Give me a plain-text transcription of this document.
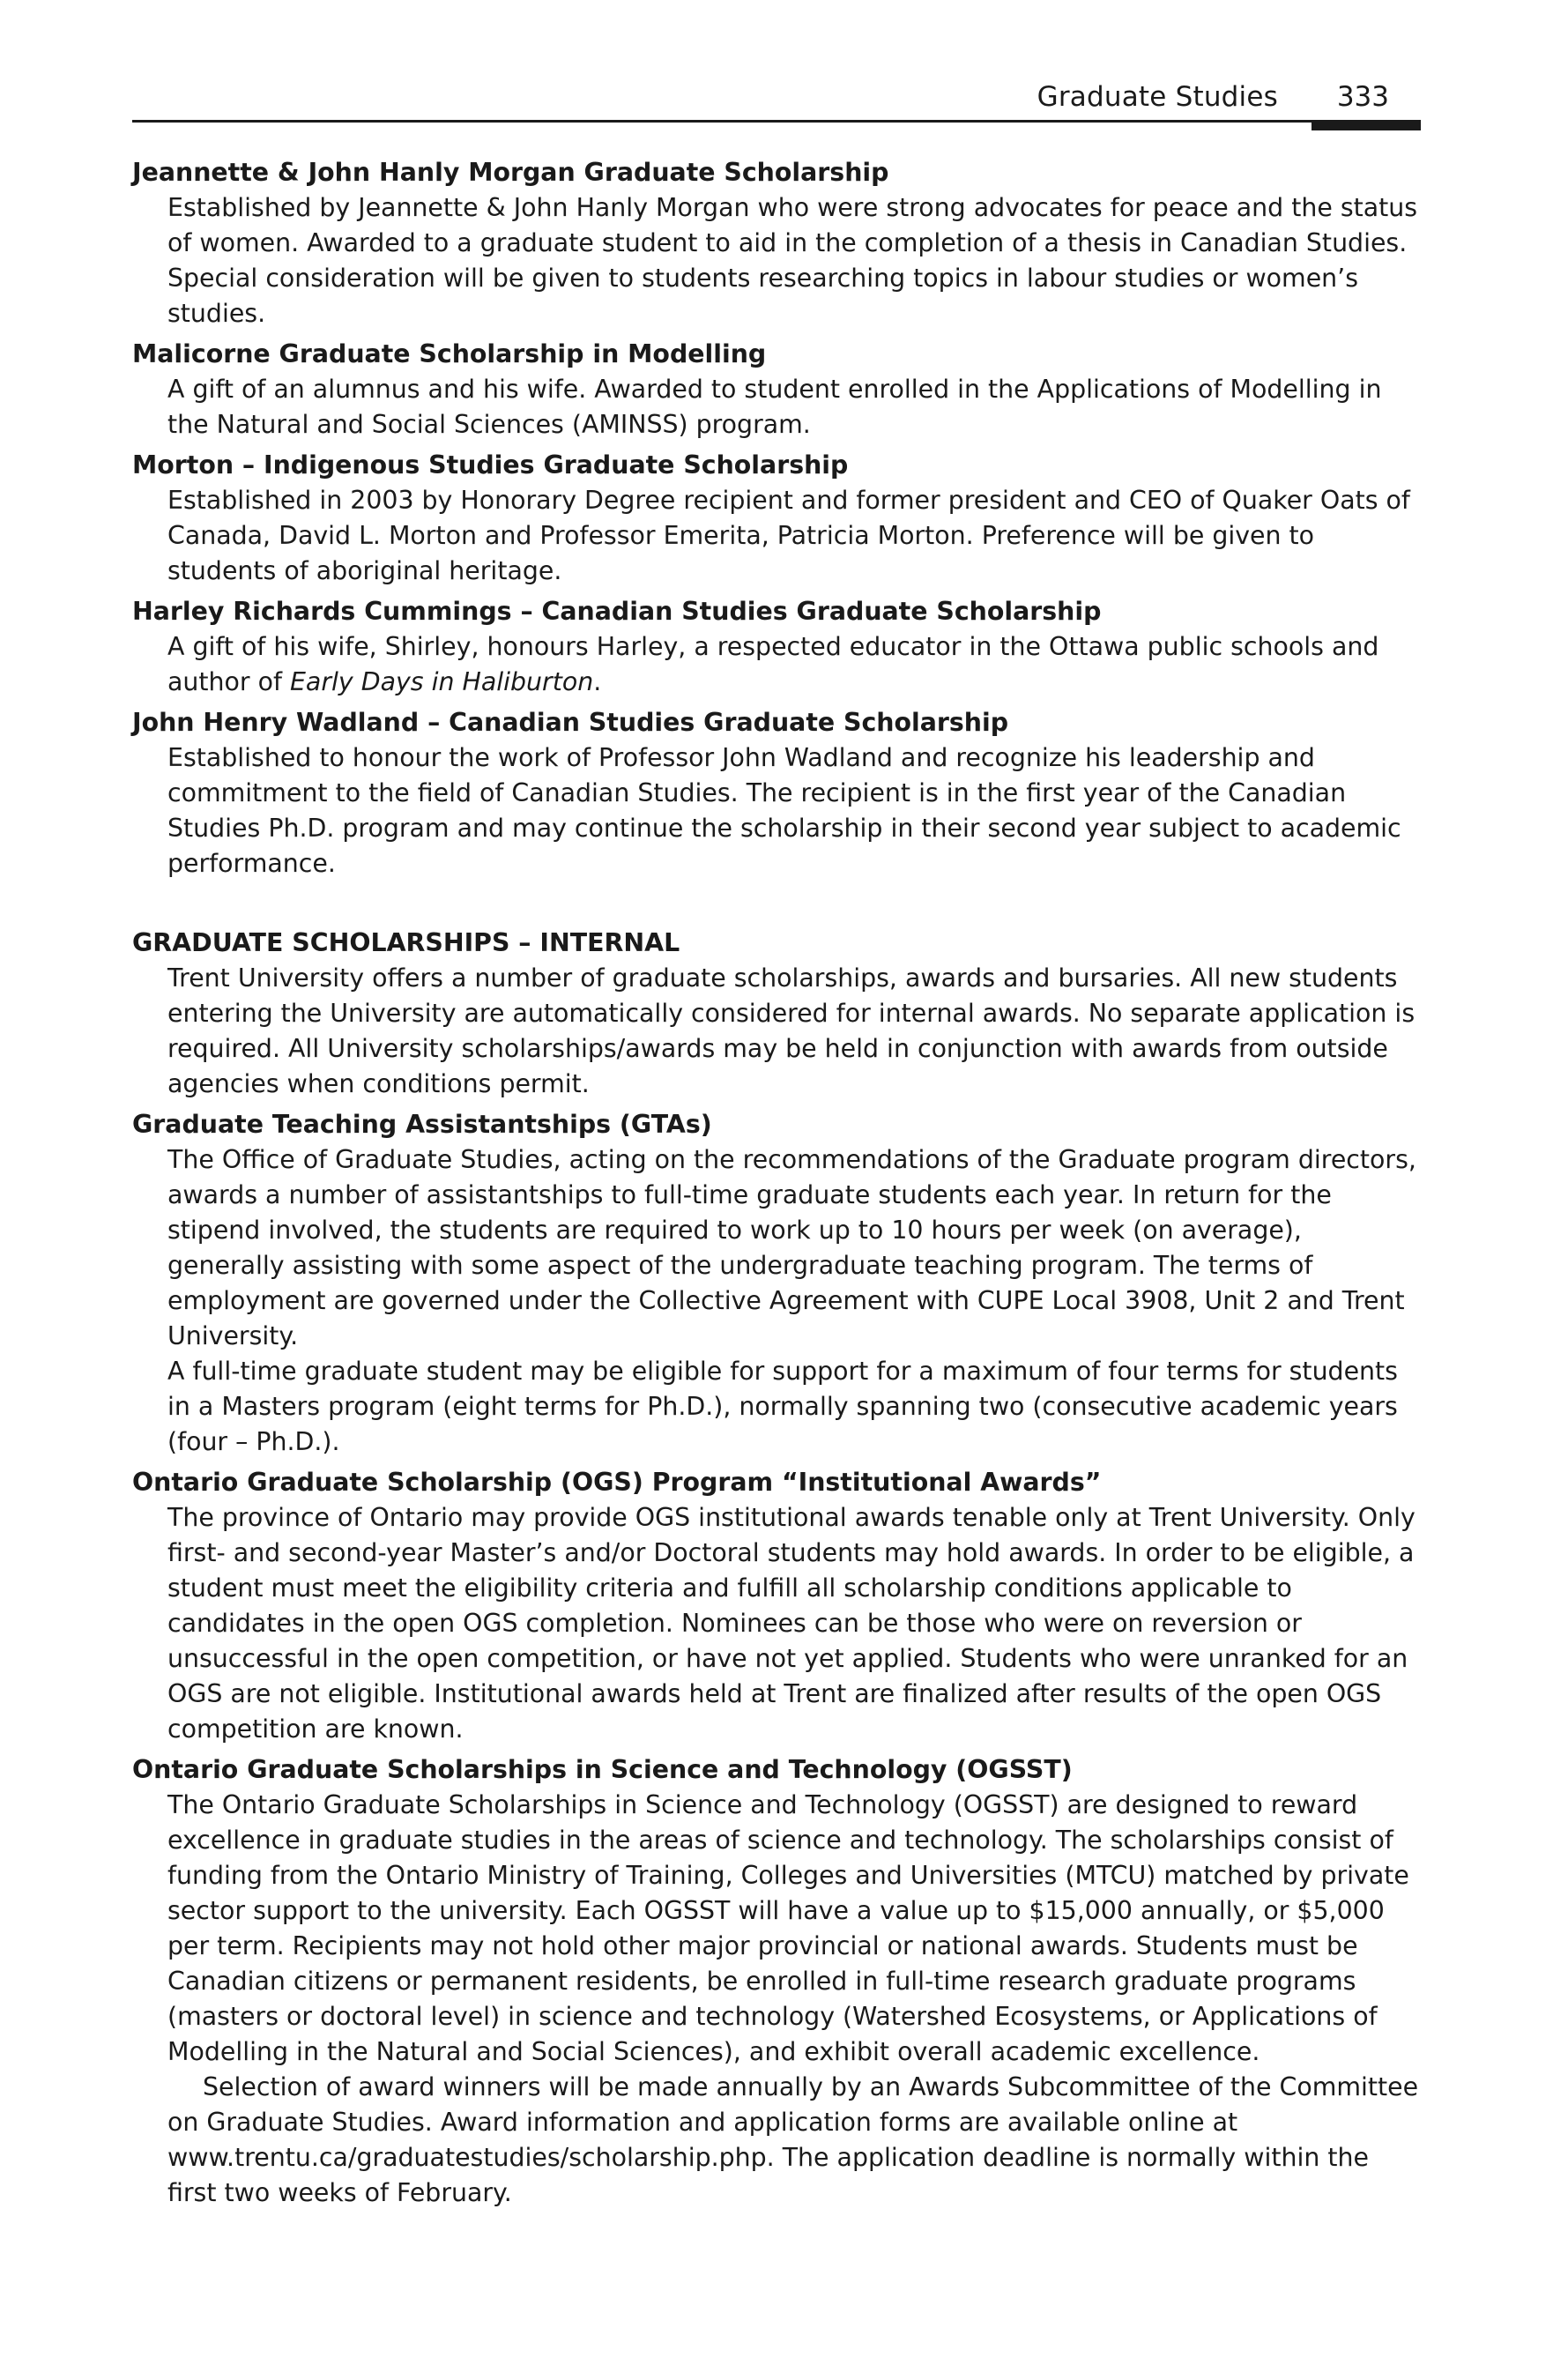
Graduate Studies 333

Jeannette & John Hanly Morgan Graduate Scholarship

Established by Jeannette & John Hanly Morgan who were strong advocates for peace and the status of women. Awarded to a graduate student to aid in the completion of a thesis in Canadian Studies. Special consideration will be given to students researching topics in labour studies or women’s studies.

Malicorne Graduate Scholarship in Modelling

A gift of an alumnus and his wife. Awarded to student enrolled in the Applications of Modelling in the Natural and Social Sciences (AMINSS) program.

Morton – Indigenous Studies Graduate Scholarship

Established in 2003 by Honorary Degree recipient and former president and CEO of Quaker Oats of Canada, David L. Morton and Professor Emerita, Patricia Morton. Preference will be given to students of aboriginal heritage.

Harley Richards Cummings – Canadian Studies Graduate Scholarship

A gift of his wife, Shirley, honours Harley, a respected educator in the Ottawa public schools and author of Early Days in Haliburton.

John Henry Wadland – Canadian Studies Graduate Scholarship

Established to honour the work of Professor John Wadland and recognize his leadership and commitment to the field of Canadian Studies. The recipient is in the first year of the Canadian Studies Ph.D. program and may continue the scholarship in their second year subject to academic performance.

GRADUATE SCHOLARSHIPS – INTERNAL

Trent University offers a number of graduate scholarships, awards and bursaries. All new students entering the University are automatically considered for internal awards. No separate application is required. All University scholarships/awards may be held in conjunction with awards from outside agencies when conditions permit.

Graduate Teaching Assistantships (GTAs)

The Office of Graduate Studies, acting on the recommendations of the Graduate program directors, awards a number of assistantships to full-time graduate students each year. In return for the stipend involved, the students are required to work up to 10 hours per week (on average), generally assisting with some aspect of the undergraduate teaching program. The terms of employment are governed under the Collective Agreement with CUPE Local 3908, Unit 2 and Trent University.

A full-time graduate student may be eligible for support for a maximum of four terms for students in a Masters program (eight terms for Ph.D.), normally spanning two (consecutive academic years (four – Ph.D.).

Ontario Graduate Scholarship (OGS) Program “Institutional Awards”

The province of Ontario may provide OGS institutional awards tenable only at Trent University. Only first- and second-year Master’s and/or Doctoral students may hold awards. In order to be eligible, a student must meet the eligibility criteria and fulfill all scholarship conditions applicable to candidates in the open OGS completion. Nominees can be those who were on reversion or unsuccessful in the open competition, or have not yet applied. Students who were unranked for an OGS are not eligible. Institutional awards held at Trent are finalized after results of the open OGS competition are known.

Ontario Graduate Scholarships in Science and Technology (OGSST)

The Ontario Graduate Scholarships in Science and Technology (OGSST) are designed to reward excellence in graduate studies in the areas of science and technology. The scholarships consist of funding from the Ontario Ministry of Training, Colleges and Universities (MTCU) matched by private sector support to the university. Each OGSST will have a value up to $15,000 annually, or $5,000 per term. Recipients may not hold other major provincial or national awards. Students must be Canadian citizens or permanent residents, be enrolled in full-time research graduate programs (masters or doctoral level) in science and technology (Watershed Ecosystems, or Applications of Modelling in the Natural and Social Sciences), and exhibit overall academic excellence.

Selection of award winners will be made annually by an Awards Subcommittee of the Committee on Graduate Studies. Award information and application forms are available online at www.trentu.ca/graduatestudies/scholarship.php. The application deadline is normally within the first two weeks of February.
